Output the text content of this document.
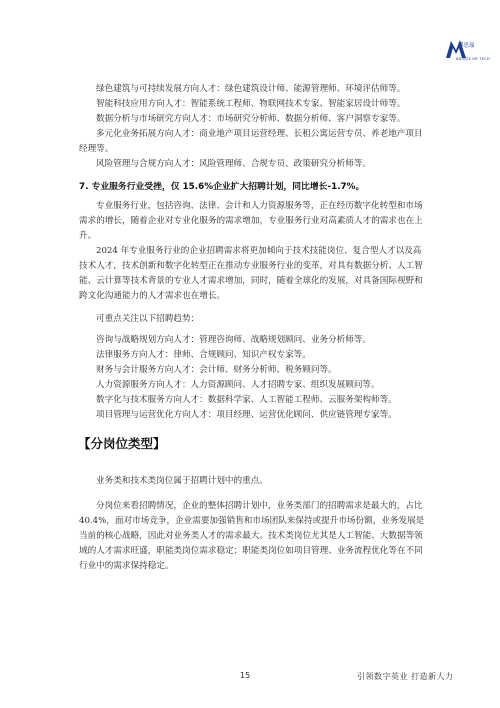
博思瑞
BRIDGE HR TECH

绿色建筑与可持续发展方向人才：绿色建筑设计师、能源管理师、环境评估师等。

智能科技应用方向人才：智能系统工程师、物联网技术专家、智能家居设计师等。

数据分析与市场研究方向人才：市场研究分析师、数据分析师、客户洞察专家等。

多元化业务拓展方向人才：商业地产项目运营经理、长租公寓运营专员、养老地产项目

经理等。

风险管理与合规方向人才：风险管理师、合规专员、政策研究分析师等。

7. 专业服务行业受挫，仅 15.6%企业扩大招聘计划，同比增长-1.7%。

专业服务行业，包括咨询、法律、会计和人力资源服务等，正在经历数字化转型和市场

需求的增长，随着企业对专业化服务的需求增加，专业服务行业对高素质人才的需求也在上

升。

2024 年专业服务行业的企业招聘需求将更加倾向于技术技能岗位、复合型人才以及高

技术人才，技术创新和数字化转型正在推动专业服务行业的变革，对具有数据分析、人工智

能、云计算等技术背景的专业人才需求增加，同时，随着全球化的发展，对具备国际视野和

跨文化沟通能力的人才需求也在增长。

可重点关注以下招聘趋势：

咨询与战略规划方向人才：管理咨询师、战略规划顾问、业务分析师等。

法律服务方向人才：律师、合规顾问、知识产权专家等。

财务与会计服务方向人才：会计师、财务分析师、税务顾问等。

人力资源服务方向人才：人力资源顾问、人才招聘专家、组织发展顾问等。

数字化与技术服务方向人才：数据科学家、人工智能工程师、云服务架构师等。

项目管理与运营优化方向人才：项目经理、运营优化顾问、供应链管理专家等。

【分岗位类型】

业务类和技术类岗位属于招聘计划中的重点。

分岗位来看招聘情况，企业的整体招聘计划中，业务类部门的招聘需求是最大的，占比

40.4%，面对市场竞争，企业需要加强销售和市场团队来保持或提升市场份额，业务发展是

当前的核心战略，因此对业务类人才的需求最大。技术类岗位尤其是人工智能、大数据等领

域的人才需求旺盛，职能类岗位需求稳定；职能类岗位如项目管理、业务流程优化等在不同

行业中的需求保持稳定。

15	引领数字英业 打造新人力
